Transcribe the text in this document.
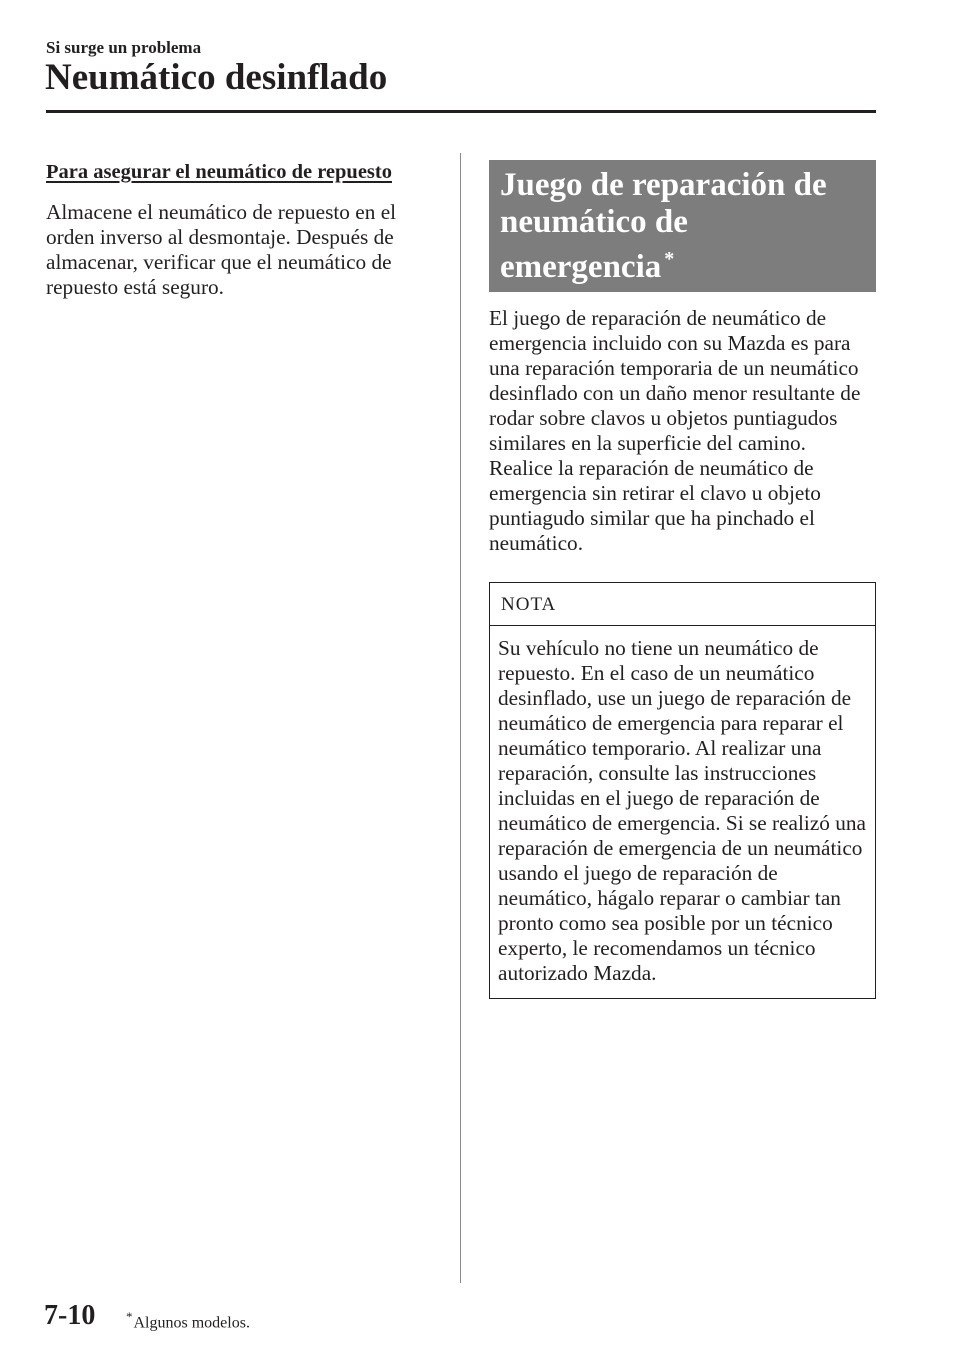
Si surge un problema
Neumático desinflado
Para asegurar el neumático de repuesto

Almacene el neumático de repuesto en el orden inverso al desmontaje. Después de almacenar, verificar que el neumático de repuesto está seguro.

Juego de reparación de neumático de emergencia *

El juego de reparación de neumático de emergencia incluido con su Mazda es para una reparación temporaria de un neumático desinflado con un daño menor resultante de rodar sobre clavos u objetos puntiagudos similares en la superficie del camino.

Realice la reparación de neumático de emergencia sin retirar el clavo u objeto puntiagudo similar que ha pinchado el neumático.

NOTA

Su vehículo no tiene un neumático de repuesto. En el caso de un neumático desinflado, use un juego de reparación de neumático de emergencia para reparar el neumático temporario. Al realizar una reparación, consulte las instrucciones incluidas en el juego de reparación de neumático de emergencia. Si se realizó una reparación de emergencia de un neumático usando el juego de reparación de neumático, hágalo reparar o cambiar tan pronto como sea posible por un técnico experto, le recomendamos un técnico autorizado Mazda.

7-10 *Algunos modelos.
